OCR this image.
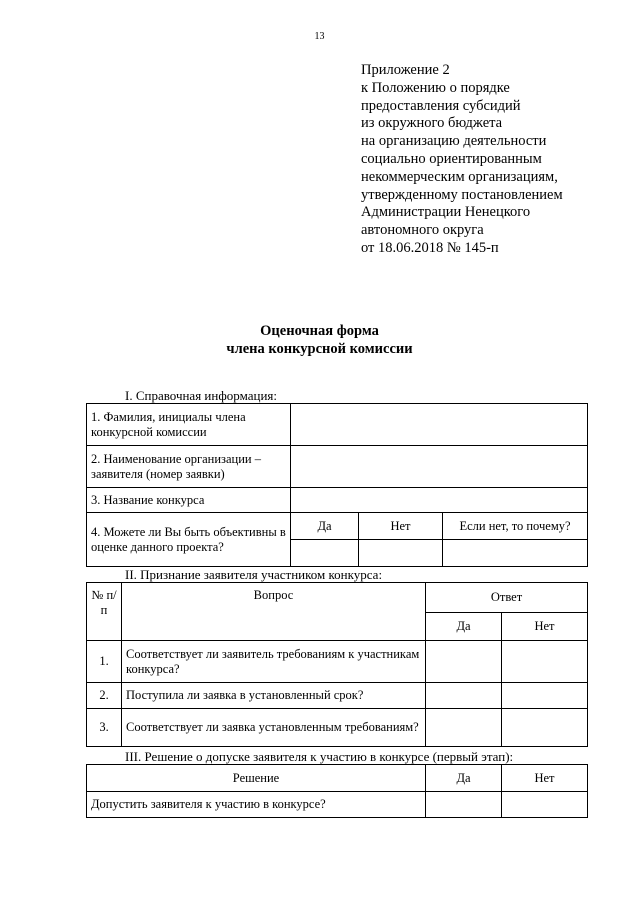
13
Приложение 2
к Положению о порядке
предоставления субсидий
из окружного бюджета
на организацию деятельности
социально ориентированным
некоммерческим организациям,
утвержденному постановлением
Администрации Ненецкого
автономного округа
от 18.06.2018 № 145-п
Оценочная форма
члена конкурсной комиссии
I. Справочная информация:
1. Фамилия, инициалы члена конкурсной комиссии			
2. Наименование организации – заявителя (номер заявки)			
3. Название конкурса			
4. Можете ли Вы быть объективны в оценке данного проекта?	Да	Нет	Если нет, то почему?

II. Признание заявителя участником конкурса:
№ п/п	Вопрос	Ответ	
		Да	Нет
1.	Соответствует ли заявитель требованиям к участникам конкурса?		
2.	Поступила ли заявка в установленный срок?		
3.	Соответствует ли заявка установленным требованиям?		
III. Решение о допуске заявителя к участию в конкурсе (первый этап):
Решение	Да	Нет
Допустить заявителя к участию в конкурсе?		
